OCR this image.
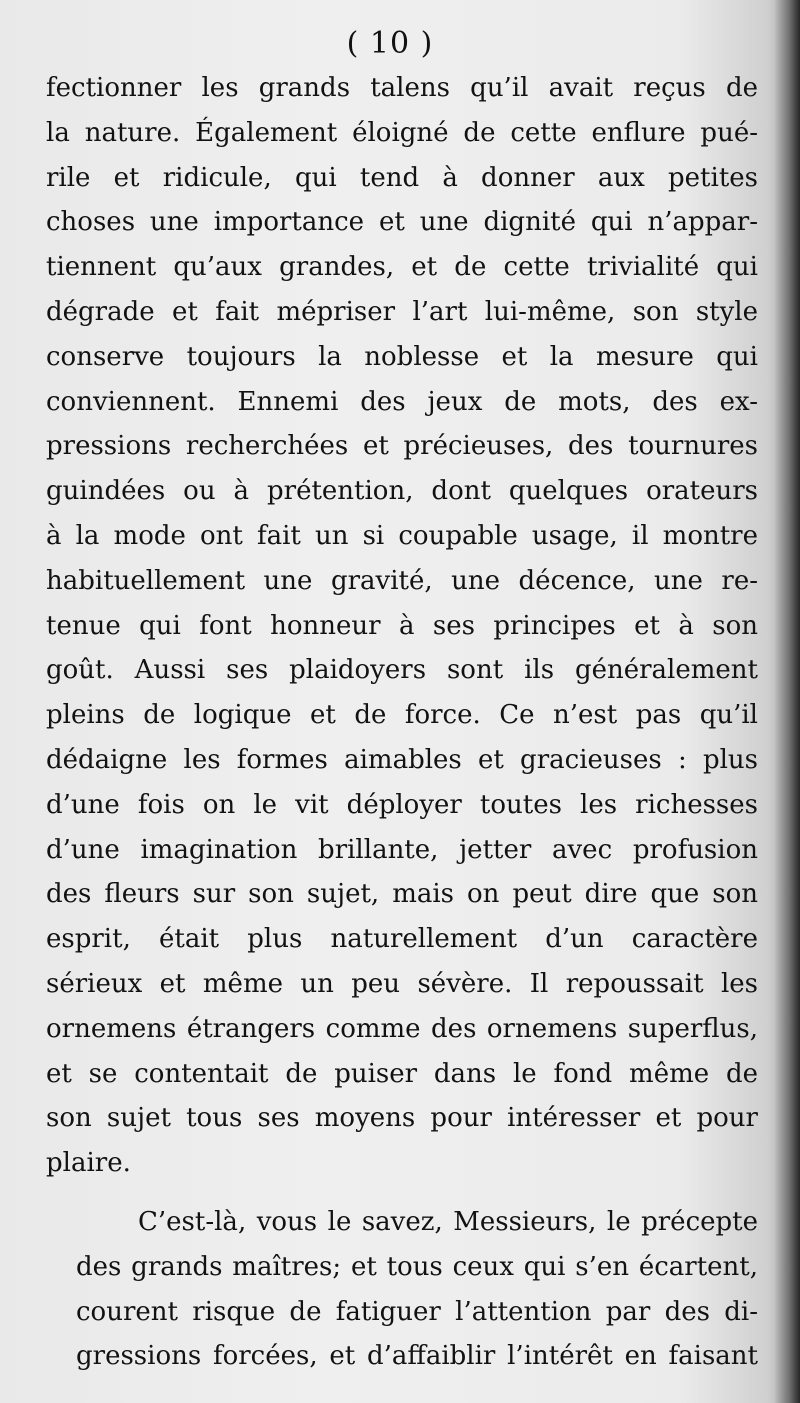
( 10 )
fectionner les grands talens qu’il avait reçus de
la nature. Également éloigné de cette enflure pué-
rile et ridicule, qui tend à donner aux petites
choses une importance et une dignité qui n’appar-
tiennent qu’aux grandes, et de cette trivialité qui
dégrade et fait mépriser l’art lui-même, son style
conserve toujours la noblesse et la mesure qui
conviennent. Ennemi des jeux de mots, des ex-
pressions recherchées et précieuses, des tournures
guindées ou à prétention, dont quelques orateurs
à la mode ont fait un si coupable usage, il montre
habituellement une gravité, une décence, une re-
tenue qui font honneur à ses principes et à son
goût. Aussi ses plaidoyers sont ils généralement
pleins de logique et de force. Ce n’est pas qu’il
dédaigne les formes aimables et gracieuses : plus
d’une fois on le vit déployer toutes les richesses
d’une imagination brillante, jetter avec profusion
des fleurs sur son sujet, mais on peut dire que son
esprit, était plus naturellement d’un caractère
sérieux et même un peu sévère. Il repoussait les
ornemens étrangers comme des ornemens superflus,
et se contentait de puiser dans le fond même de
son sujet tous ses moyens pour intéresser et pour
plaire.
C’est-là, vous le savez, Messieurs, le précepte
des grands maîtres; et tous ceux qui s’en écartent,
courent risque de fatiguer l’attention par des di-
gressions forcées, et d’affaiblir l’intérêt en faisant
